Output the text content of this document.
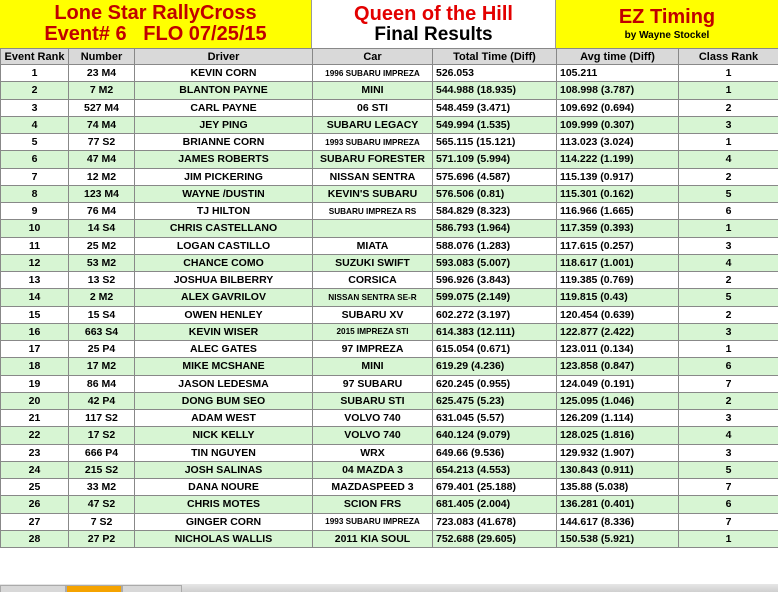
Lone Star RallyCross
Event# 6   FLO 07/25/15
Queen of the Hill
Final Results
EZ Timing
by Wayne Stockel
Event Rank	Number	Driver	Car	Total Time (Diff)	Avg time (Diff)	Class Rank
1	23 M4	KEVIN CORN	1996 SUBARU IMPREZA	526.053	105.211	1
2	7 M2	BLANTON PAYNE	MINI	544.988 (18.935)	108.998 (3.787)	1
3	527 M4	CARL PAYNE	06 STI	548.459 (3.471)	109.692 (0.694)	2
4	74 M4	JEY PING	SUBARU LEGACY	549.994 (1.535)	109.999 (0.307)	3
5	77 S2	BRIANNE CORN	1993 SUBARU IMPREZA	565.115 (15.121)	113.023 (3.024)	1
6	47 M4	JAMES ROBERTS	SUBARU FORESTER	571.109 (5.994)	114.222 (1.199)	4
7	12 M2	JIM PICKERING	NISSAN SENTRA	575.696 (4.587)	115.139 (0.917)	2
8	123 M4	WAYNE /DUSTIN	KEVIN'S SUBARU	576.506 (0.81)	115.301 (0.162)	5
9	76 M4	TJ HILTON	SUBARU IMPREZA RS	584.829 (8.323)	116.966 (1.665)	6
10	14 S4	CHRIS CASTELLANO		586.793 (1.964)	117.359 (0.393)	1
11	25 M2	LOGAN CASTILLO	MIATA	588.076 (1.283)	117.615 (0.257)	3
12	53 M2	CHANCE COMO	SUZUKI SWIFT	593.083 (5.007)	118.617 (1.001)	4
13	13 S2	JOSHUA BILBERRY	CORSICA	596.926 (3.843)	119.385 (0.769)	2
14	2 M2	ALEX GAVRILOV	NISSAN SENTRA SE-R	599.075 (2.149)	119.815 (0.43)	5
15	15 S4	OWEN HENLEY	SUBARU XV	602.272 (3.197)	120.454 (0.639)	2
16	663 S4	KEVIN WISER	2015 IMPREZA STI	614.383 (12.111)	122.877 (2.422)	3
17	25 P4	ALEC GATES	97 IMPREZA	615.054 (0.671)	123.011 (0.134)	1
18	17 M2	MIKE MCSHANE	MINI	619.29 (4.236)	123.858 (0.847)	6
19	86 M4	JASON LEDESMA	97 SUBARU	620.245 (0.955)	124.049 (0.191)	7
20	42 P4	DONG BUM SEO	SUBARU STI	625.475 (5.23)	125.095 (1.046)	2
21	117 S2	ADAM WEST	VOLVO 740	631.045 (5.57)	126.209 (1.114)	3
22	17 S2	NICK KELLY	VOLVO 740	640.124 (9.079)	128.025 (1.816)	4
23	666 P4	TIN NGUYEN	WRX	649.66 (9.536)	129.932 (1.907)	3
24	215 S2	JOSH SALINAS	04 MAZDA 3	654.213 (4.553)	130.843 (0.911)	5
25	33 M2	DANA NOURE	MAZDASPEED 3	679.401 (25.188)	135.88 (5.038)	7
26	47 S2	CHRIS MOTES	SCION FRS	681.405 (2.004)	136.281 (0.401)	6
27	7 S2	GINGER CORN	1993 SUBARU IMPREZA	723.083 (41.678)	144.617 (8.336)	7
28	27 P2	NICHOLAS WALLIS	2011 KIA SOUL	752.688 (29.605)	150.538 (5.921)	1
